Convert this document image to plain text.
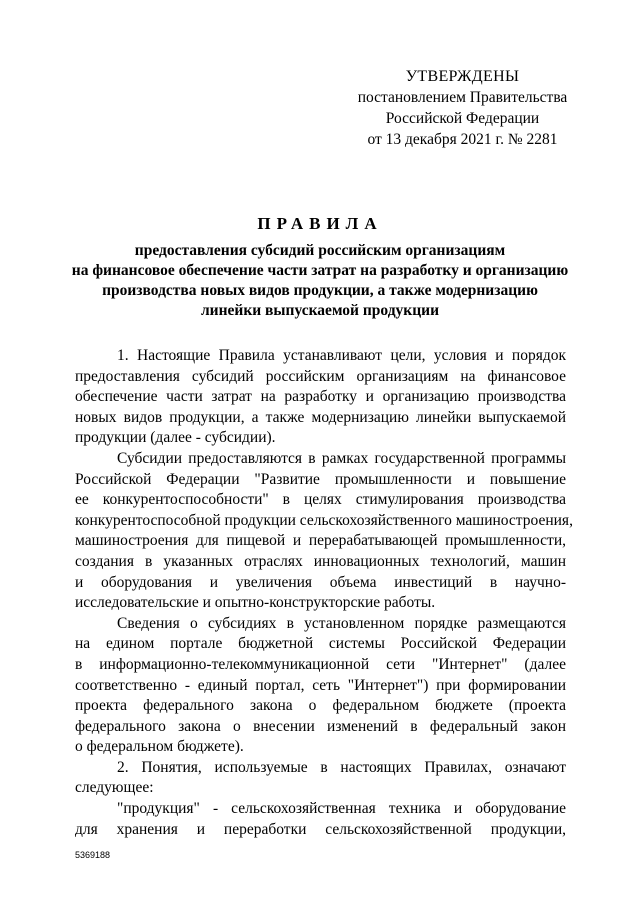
УТВЕРЖДЕНЫ
постановлением Правительства
Российской Федерации
от 13 декабря 2021 г. № 2281
ПРАВИЛА
предоставления субсидий российским организациям
на финансовое обеспечение части затрат на разработку и организацию
производства новых видов продукции, а также модернизацию
линейки выпускаемой продукции
1. Настоящие Правила устанавливают цели, условия и порядок
предоставления субсидий российским организациям на финансовое
обеспечение части затрат на разработку и организацию производства
новых видов продукции, а также модернизацию линейки выпускаемой
продукции (далее - субсидии).
Субсидии предоставляются в рамках государственной программы
Российской Федерации "Развитие промышленности и повышение
ее конкурентоспособности" в целях стимулирования производства
конкурентоспособной продукции сельскохозяйственного машиностроения,
машиностроения для пищевой и перерабатывающей промышленности,
создания в указанных отраслях инновационных технологий, машин
и оборудования и увеличения объема инвестиций в научно-
исследовательские и опытно-конструкторские работы.
Сведения о субсидиях в установленном порядке размещаются
на едином портале бюджетной системы Российской Федерации
в информационно-телекоммуникационной сети "Интернет" (далее
соответственно - единый портал, сеть "Интернет") при формировании
проекта федерального закона о федеральном бюджете (проекта
федерального закона о внесении изменений в федеральный закон
о федеральном бюджете).
2. Понятия, используемые в настоящих Правилах, означают
следующее:
"продукция" - сельскохозяйственная техника и оборудование
для хранения и переработки сельскохозяйственной продукции,
5369188
